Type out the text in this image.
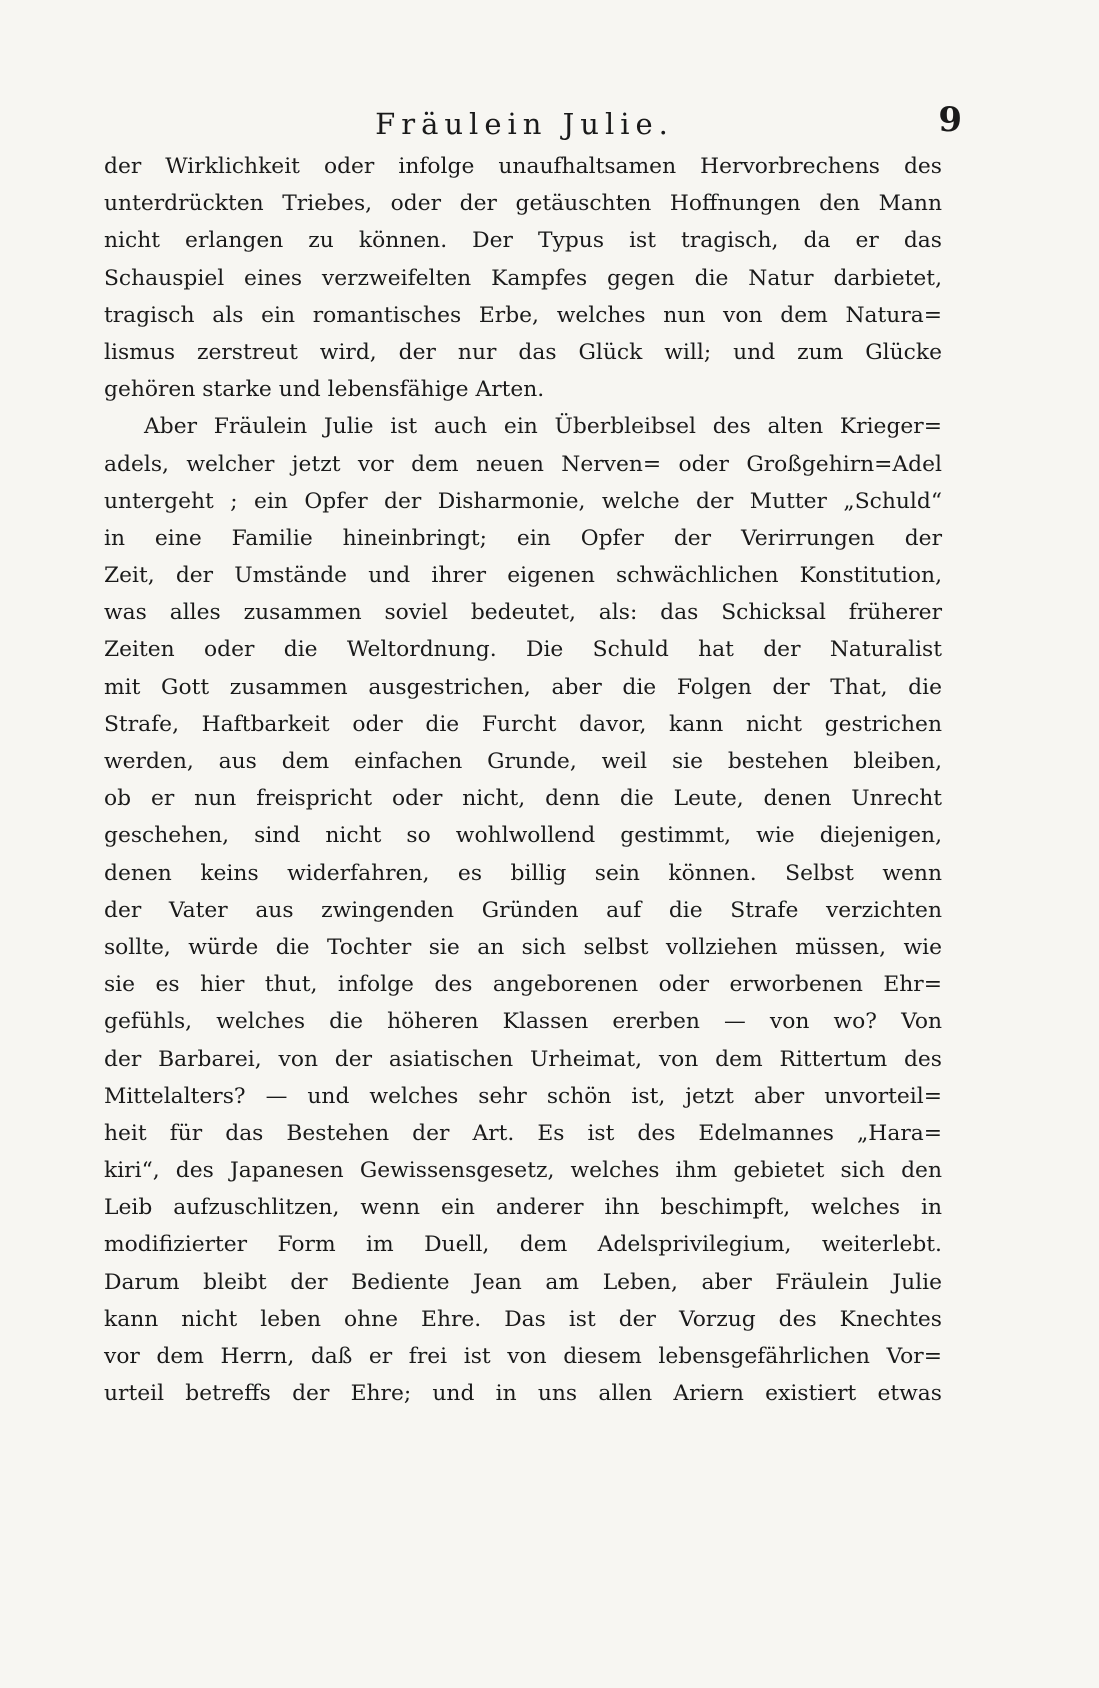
Fräulein Julie.	9
der Wirklichkeit oder infolge unaufhaltsamen Hervorbrechens des
unterdrückten Triebes, oder der getäuschten Hoffnungen den Mann
nicht erlangen zu können. Der Typus ist tragisch, da er das
Schauspiel eines verzweifelten Kampfes gegen die Natur darbietet,
tragisch als ein romantisches Erbe, welches nun von dem Natura=
lismus zerstreut wird, der nur das Glück will; und zum Glücke
gehören starke und lebensfähige Arten.
Aber Fräulein Julie ist auch ein Überbleibsel des alten Krieger=
adels, welcher jetzt vor dem neuen Nerven= oder Großgehirn=Adel
untergeht ; ein Opfer der Disharmonie, welche der Mutter „Schuld“
in eine Familie hineinbringt; ein Opfer der Verirrungen der
Zeit, der Umstände und ihrer eigenen schwächlichen Konstitution,
was alles zusammen soviel bedeutet, als: das Schicksal früherer
Zeiten oder die Weltordnung. Die Schuld hat der Naturalist
mit Gott zusammen ausgestrichen, aber die Folgen der That, die
Strafe, Haftbarkeit oder die Furcht davor, kann nicht gestrichen
werden, aus dem einfachen Grunde, weil sie bestehen bleiben,
ob er nun freispricht oder nicht, denn die Leute, denen Unrecht
geschehen, sind nicht so wohlwollend gestimmt, wie diejenigen,
denen keins widerfahren, es billig sein können. Selbst wenn
der Vater aus zwingenden Gründen auf die Strafe verzichten
sollte, würde die Tochter sie an sich selbst vollziehen müssen, wie
sie es hier thut, infolge des angeborenen oder erworbenen Ehr=
gefühls, welches die höheren Klassen ererben — von wo? Von
der Barbarei, von der asiatischen Urheimat, von dem Rittertum des
Mittelalters? — und welches sehr schön ist, jetzt aber unvorteil=
heit für das Bestehen der Art. Es ist des Edelmannes „Hara=
kiri“, des Japanesen Gewissensgesetz, welches ihm gebietet sich den
Leib aufzuschlitzen, wenn ein anderer ihn beschimpft, welches in
modifizierter Form im Duell, dem Adelsprivilegium, weiterlebt.
Darum bleibt der Bediente Jean am Leben, aber Fräulein Julie
kann nicht leben ohne Ehre. Das ist der Vorzug des Knechtes
vor dem Herrn, daß er frei ist von diesem lebensgefährlichen Vor=
urteil betreffs der Ehre; und in uns allen Ariern existiert etwas
